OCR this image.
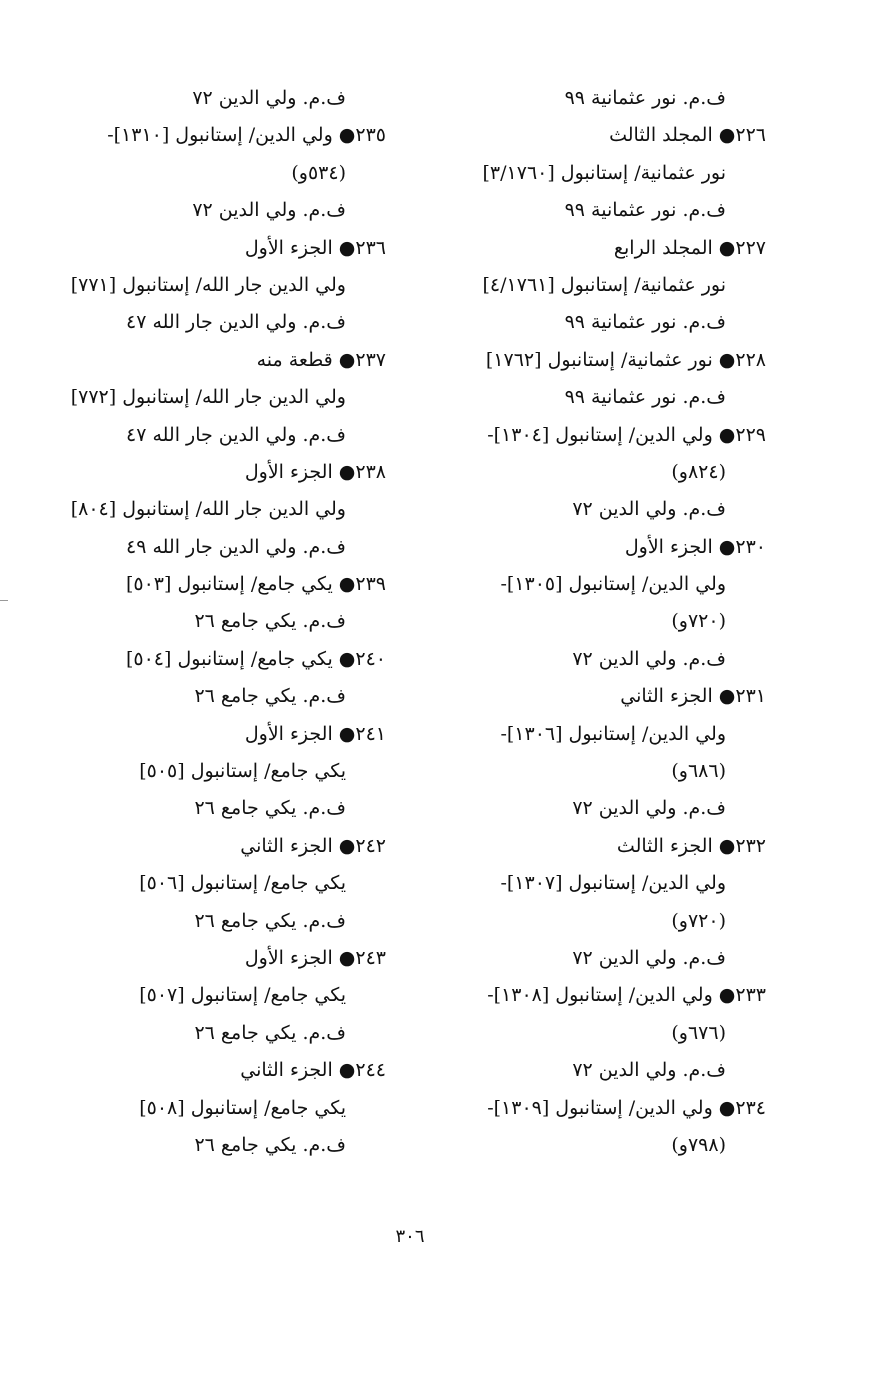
ف.م. نور عثمانية ٩٩
٢٢٦● المجلد الثالث
نور عثمانية/ إستانبول [٣/١٧٦٠]
ف.م. نور عثمانية ٩٩
٢٢٧● المجلد الرابع
نور عثمانية/ إستانبول [٤/١٧٦١]
ف.م. نور عثمانية ٩٩
٢٢٨● نور عثمانية/ إستانبول [١٧٦٢]
ف.م. نور عثمانية ٩٩
٢٢٩● ولي الدين/ إستانبول [١٣٠٤]-
(٨٢٤و)
ف.م. ولي الدين ٧٢
٢٣٠● الجزء الأول
ولي الدين/ إستانبول [١٣٠٥]-
(٧٢٠و)
ف.م. ولي الدين ٧٢
٢٣١● الجزء الثاني
ولي الدين/ إستانبول [١٣٠٦]-
(٦٨٦و)
ف.م. ولي الدين ٧٢
٢٣٢● الجزء الثالث
ولي الدين/ إستانبول [١٣٠٧]-
(٧٢٠و)
ف.م. ولي الدين ٧٢
٢٣٣● ولي الدين/ إستانبول [١٣٠٨]-
(٦٧٦و)
ف.م. ولي الدين ٧٢
٢٣٤● ولي الدين/ إستانبول [١٣٠٩]-
(٧٩٨و)
ف.م. ولي الدين ٧٢
٢٣٥● ولي الدين/ إستانبول [١٣١٠]-
(٥٣٤و)
ف.م. ولي الدين ٧٢
٢٣٦● الجزء الأول
ولي الدين جار الله/ إستانبول [٧٧١]
ف.م. ولي الدين جار الله ٤٧
٢٣٧● قطعة منه
ولي الدين جار الله/ إستانبول [٧٧٢]
ف.م. ولي الدين جار الله ٤٧
٢٣٨● الجزء الأول
ولي الدين جار الله/ إستانبول [٨٠٤]
ف.م. ولي الدين جار الله ٤٩
٢٣٩● يكي جامع/ إستانبول [٥٠٣]
ف.م. يكي جامع ٢٦
٢٤٠● يكي جامع/ إستانبول [٥٠٤]
ف.م. يكي جامع ٢٦
٢٤١● الجزء الأول
يكي جامع/ إستانبول [٥٠٥]
ف.م. يكي جامع ٢٦
٢٤٢● الجزء الثاني
يكي جامع/ إستانبول [٥٠٦]
ف.م. يكي جامع ٢٦
٢٤٣● الجزء الأول
يكي جامع/ إستانبول [٥٠٧]
ف.م. يكي جامع ٢٦
٢٤٤● الجزء الثاني
يكي جامع/ إستانبول [٥٠٨]
ف.م. يكي جامع ٢٦
٣٠٦
